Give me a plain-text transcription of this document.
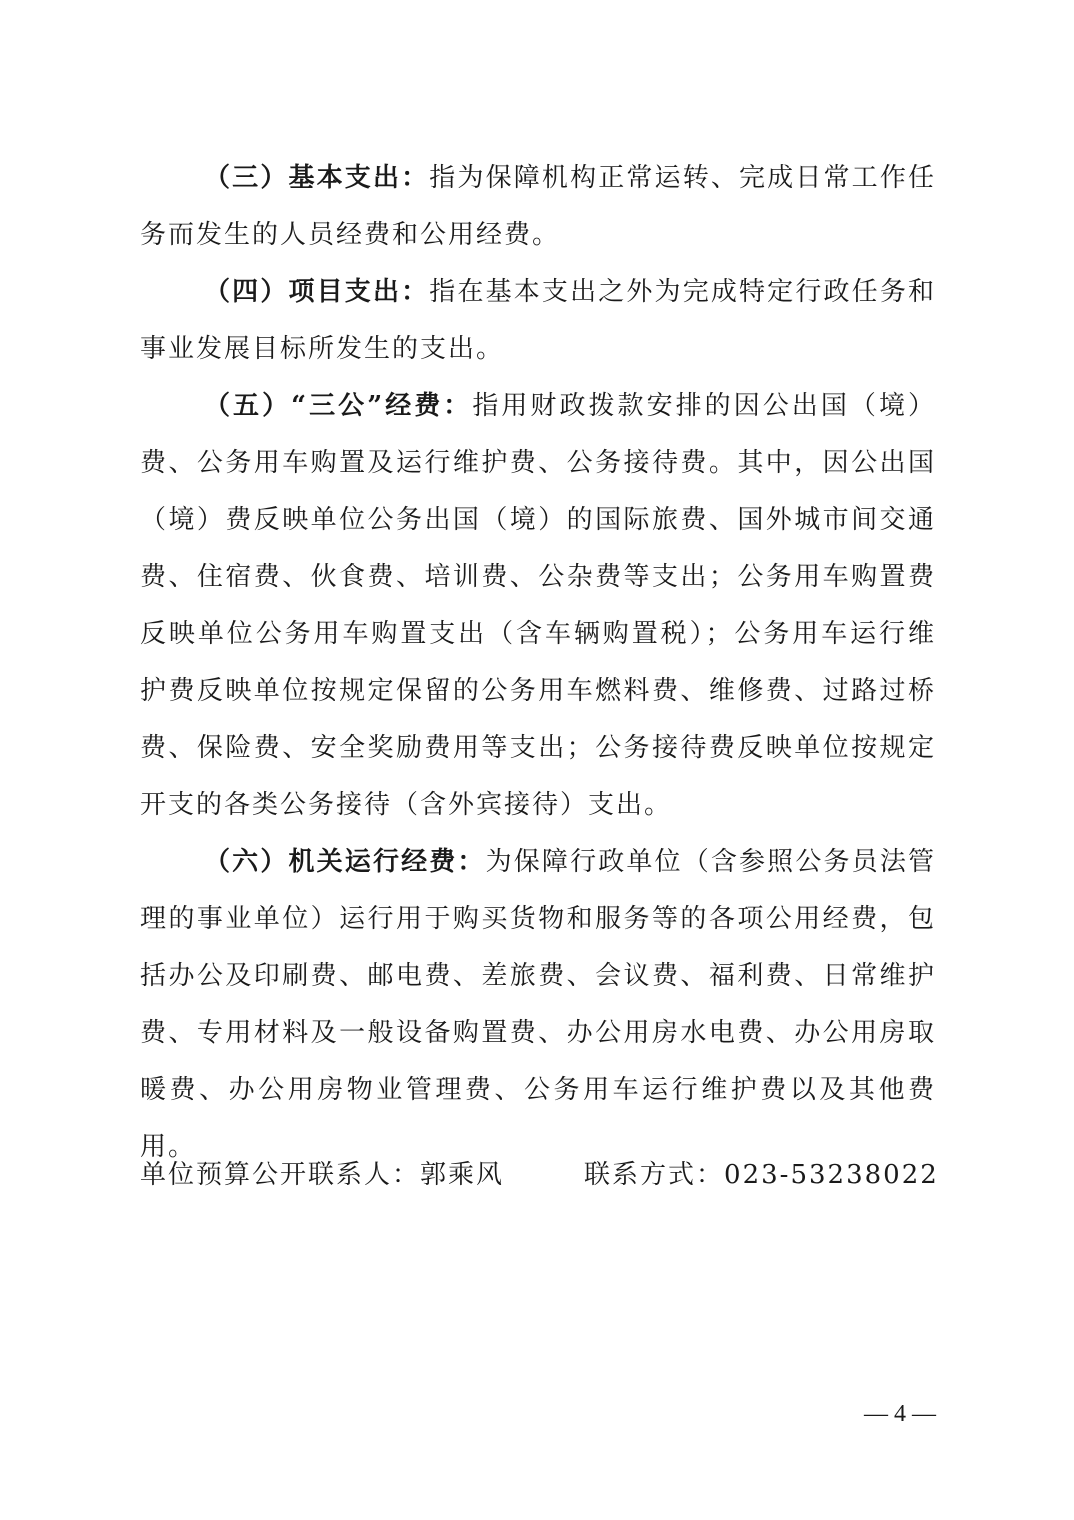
（三）基本支出：指为保障机构正常运转、完成日常工作任务而发生的人员经费和公用经费。

（四）项目支出：指在基本支出之外为完成特定行政任务和事业发展目标所发生的支出。

（五）“三公”经费：指用财政拨款安排的因公出国（境）费、公务用车购置及运行维护费、公务接待费。其中，因公出国（境）费反映单位公务出国（境）的国际旅费、国外城市间交通费、住宿费、伙食费、培训费、公杂费等支出；公务用车购置费反映单位公务用车购置支出（含车辆购置税）；公务用车运行维护费反映单位按规定保留的公务用车燃料费、维修费、过路过桥费、保险费、安全奖励费用等支出；公务接待费反映单位按规定开支的各类公务接待（含外宾接待）支出。

（六）机关运行经费：为保障行政单位（含参照公务员法管理的事业单位）运行用于购买货物和服务等的各项公用经费，包括办公及印刷费、邮电费、差旅费、会议费、福利费、日常维护费、专用材料及一般设备购置费、办公用房水电费、办公用房取暖费、办公用房物业管理费、公务用车运行维护费以及其他费用。

单位预算公开联系人：郭乘风	联系方式：023-53238022
— 4 —
